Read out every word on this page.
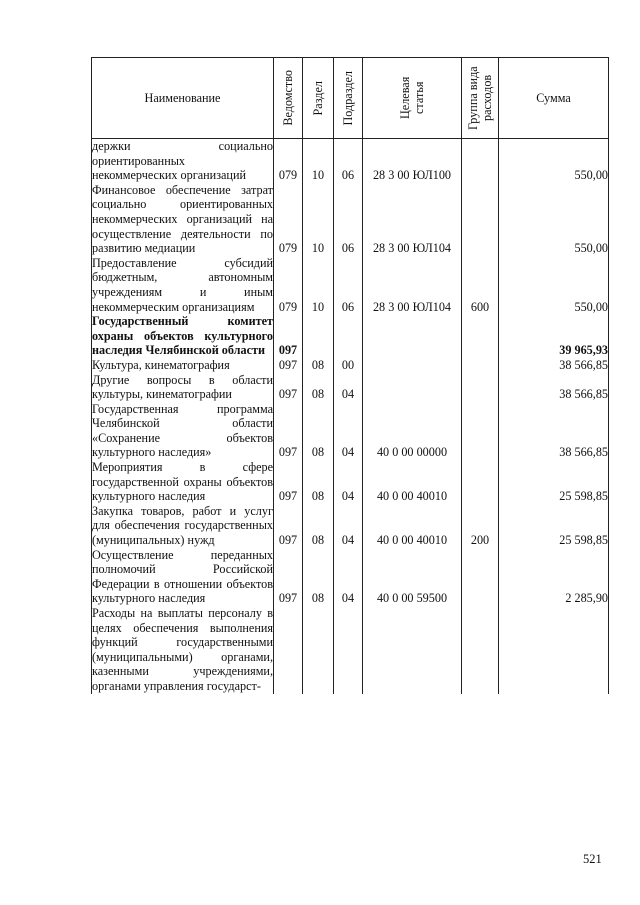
Наименование	Ведомство	Раздел	Подраздел	Целевая статья	Группа вида расходов	Сумма
держки социально ориентированных некоммерческих организаций	079	10	06	28 3 00 ЮЛ100		550,00
Финансовое обеспечение затрат социально ориентированных некоммерческих организаций на осуществление деятельности по развитию медиации	079	10	06	28 3 00 ЮЛ104		550,00
Предоставление субсидий бюджетным, автономным учреждениям и иным некоммерческим организациям	079	10	06	28 3 00 ЮЛ104	600	550,00
Государственный комитет охраны объектов культурного наследия Челябинской области	097					39 965,93
Культура, кинематография	097	08	00			38 566,85
Другие вопросы в области культуры, кинематографии	097	08	04			38 566,85
Государственная программа Челябинской области «Сохранение объектов культурного наследия»	097	08	04	40 0 00 00000		38 566,85
Мероприятия в сфере государственной охраны объектов культурного наследия	097	08	04	40 0 00 40010		25 598,85
Закупка товаров, работ и услуг для обеспечения государственных (муниципальных) нужд	097	08	04	40 0 00 40010	200	25 598,85
Осуществление переданных полномочий Российской Федерации в отношении объектов культурного наследия	097	08	04	40 0 00 59500		2 285,90
Расходы на выплаты персоналу в целях обеспечения выполнения функций государственными (муниципальными) органами, казенными учреждениями, органами управления государст-						
521
